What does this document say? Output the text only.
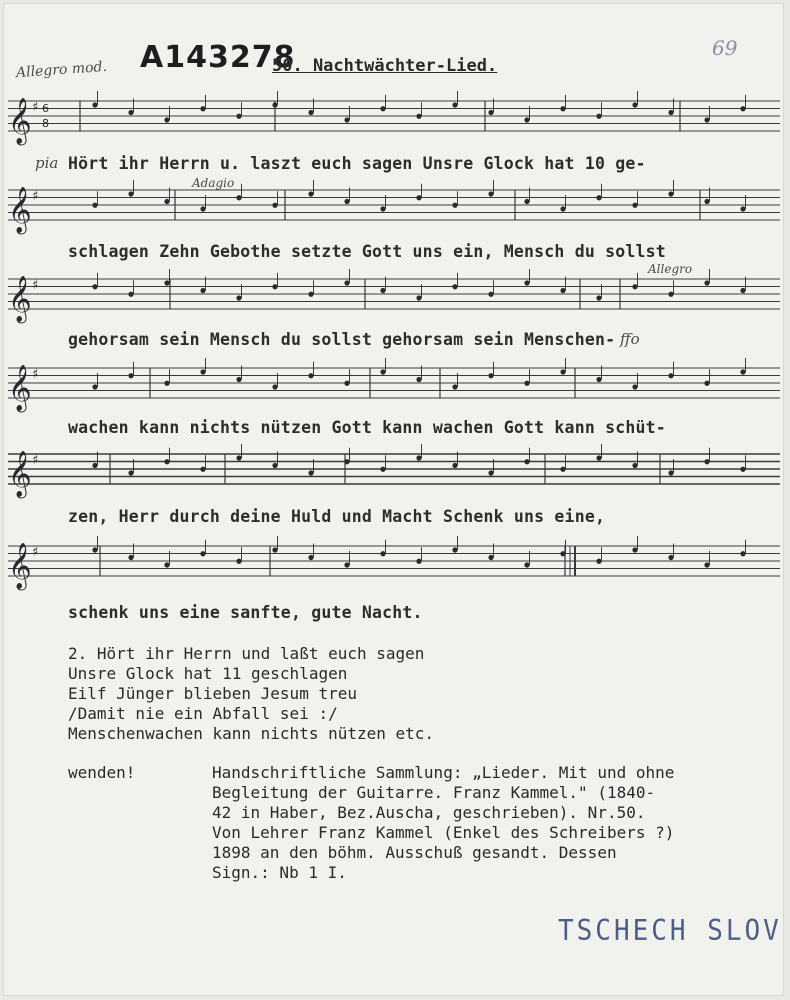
Allegro mod. A143278
50. Nachtwächter-Lied.
69
𝄞 ♯
𝄞 ♯
𝄞 ♯
𝄞 ♯
𝄞 ♯
𝄞 ♯
6
8
pia
ffo
Adagio
Allegro
Hört ihr Herrn u. laszt euch sagen Unsre Glock hat 10 ge-
schlagen Zehn Gebothe setzte Gott uns ein, Mensch du sollst
gehorsam sein Mensch du sollst gehorsam sein Menschen-
wachen kann nichts nützen Gott kann wachen Gott kann schüt-
zen, Herr durch deine Huld und Macht Schenk uns eine,
schenk uns eine sanfte, gute Nacht.
2. Hört ihr Herrn und laßt euch sagen
Unsre Glock hat 11 geschlagen
Eilf Jünger blieben Jesum treu
/Damit nie ein Abfall sei :/
Menschenwachen kann nichts nützen etc.
wenden!	Handschriftliche Sammlung: „Lieder. Mit und ohne
Begleitung der Guitarre. Franz Kammel." (1840-
42 in Haber, Bez.Auscha, geschrieben). Nr.50.
Von Lehrer Franz Kammel (Enkel des Schreibers ?)
1898 an den böhm. Ausschuß gesandt. Dessen
Sign.: Nb 1 I.
TSCHECH SLOV
